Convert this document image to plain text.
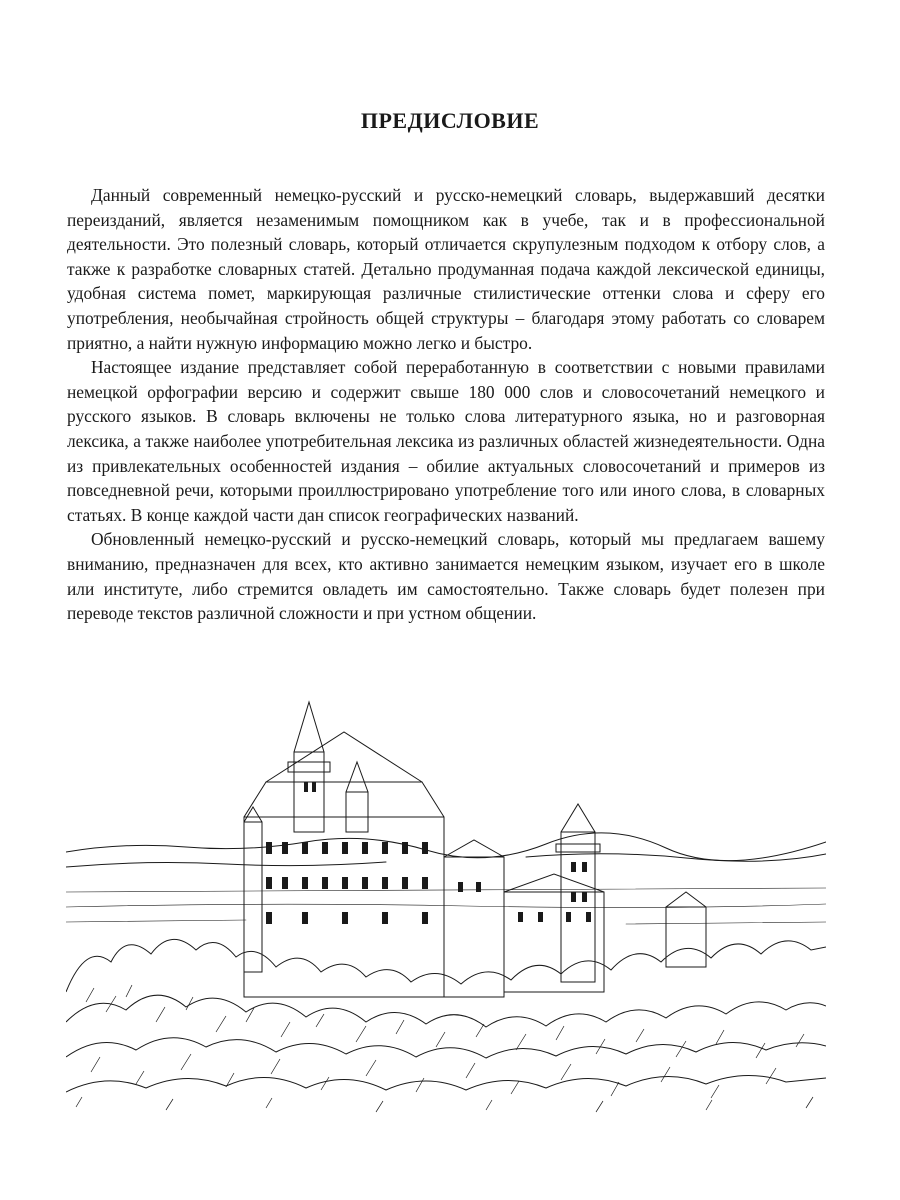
ПРЕДИСЛОВИЕ

Данный современный немецко-русский и русско-немецкий словарь, выдержавший десятки переизданий, является незаменимым помощником как в учебе, так и в профессиональной деятельности. Это полезный словарь, который отличается скрупулезным подходом к отбору слов, а также к разработке словарных статей. Детально продуманная подача каждой лексической единицы, удобная система помет, маркирующая различные стилистические оттенки слова и сферу его употребления, необычайная стройность общей структуры – благодаря этому работать со словарем приятно, а найти нужную информацию можно легко и быстро.

Настоящее издание представляет собой переработанную в соответствии с новыми правилами немецкой орфографии версию и содержит свыше 180 000 слов и словосочетаний немецкого и русского языков. В словарь включены не только слова литературного языка, но и разговорная лексика, а также наиболее употребительная лексика из различных областей жизнедеятельности. Одна из привлекательных особенностей издания – обилие актуальных словосочетаний и примеров из повседневной речи, которыми проиллюстрировано употребление того или иного слова, в словарных статьях. В конце каждой части дан список географических названий.

Обновленный немецко-русский и русско-немецкий словарь, который мы предлагаем вашему вниманию, предназначен для всех, кто активно занимается немецким языком, изучает его в школе или институте, либо стремится овладеть им самостоятельно. Также словарь будет полезен при переводе текстов различной сложности и при устном общении.
